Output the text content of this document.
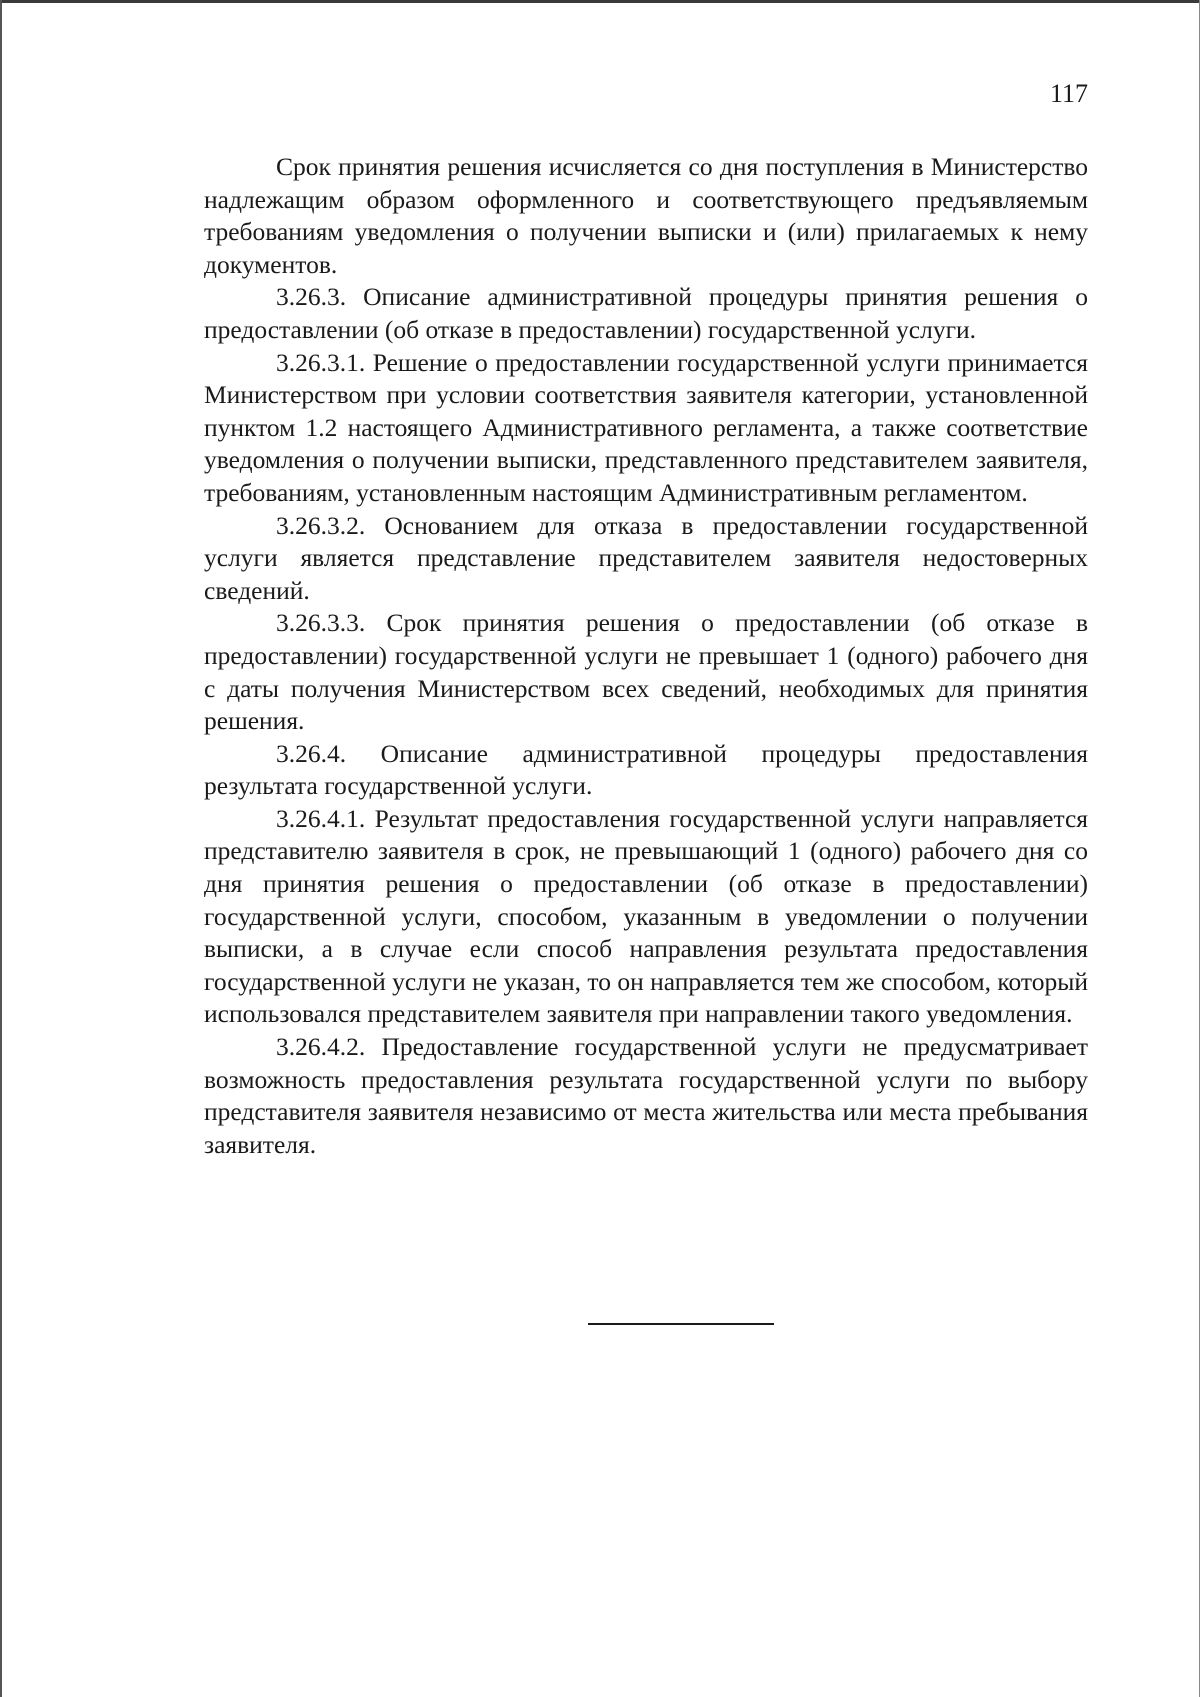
117

Срок принятия решения исчисляется со дня поступления в Министерство надлежащим образом оформленного и соответствующего предъявляемым требованиям уведомления о получении выписки и (или) прилагаемых к нему документов.

3.26.3. Описание административной процедуры принятия решения о предоставлении (об отказе в предоставлении) государственной услуги.

3.26.3.1. Решение о предоставлении государственной услуги принимается Министерством при условии соответствия заявителя категории, установленной пунктом 1.2 настоящего Административного регламента, а также соответствие уведомления о получении выписки, представленного представителем заявителя, требованиям, установленным настоящим Административным регламентом.

3.26.3.2. Основанием для отказа в предоставлении государственной услуги является представление представителем заявителя недостоверных сведений.

3.26.3.3. Срок принятия решения о предоставлении (об отказе в предоставлении) государственной услуги не превышает 1 (одного) рабочего дня с даты получения Министерством всех сведений, необходимых для принятия решения.

3.26.4. Описание административной процедуры предоставления результата государственной услуги.

3.26.4.1. Результат предоставления государственной услуги направляется представителю заявителя в срок, не превышающий 1 (одного) рабочего дня со дня принятия решения о предоставлении (об отказе в предоставлении) государственной услуги, способом, указанным в уведомлении о получении выписки, а в случае если способ направления результата предоставления государственной услуги не указан, то он направляется тем же способом, который использовался представителем заявителя при направлении такого уведомления.

3.26.4.2. Предоставление государственной услуги не предусматривает возможность предоставления результата государственной услуги по выбору представителя заявителя независимо от места жительства или места пребывания заявителя.
